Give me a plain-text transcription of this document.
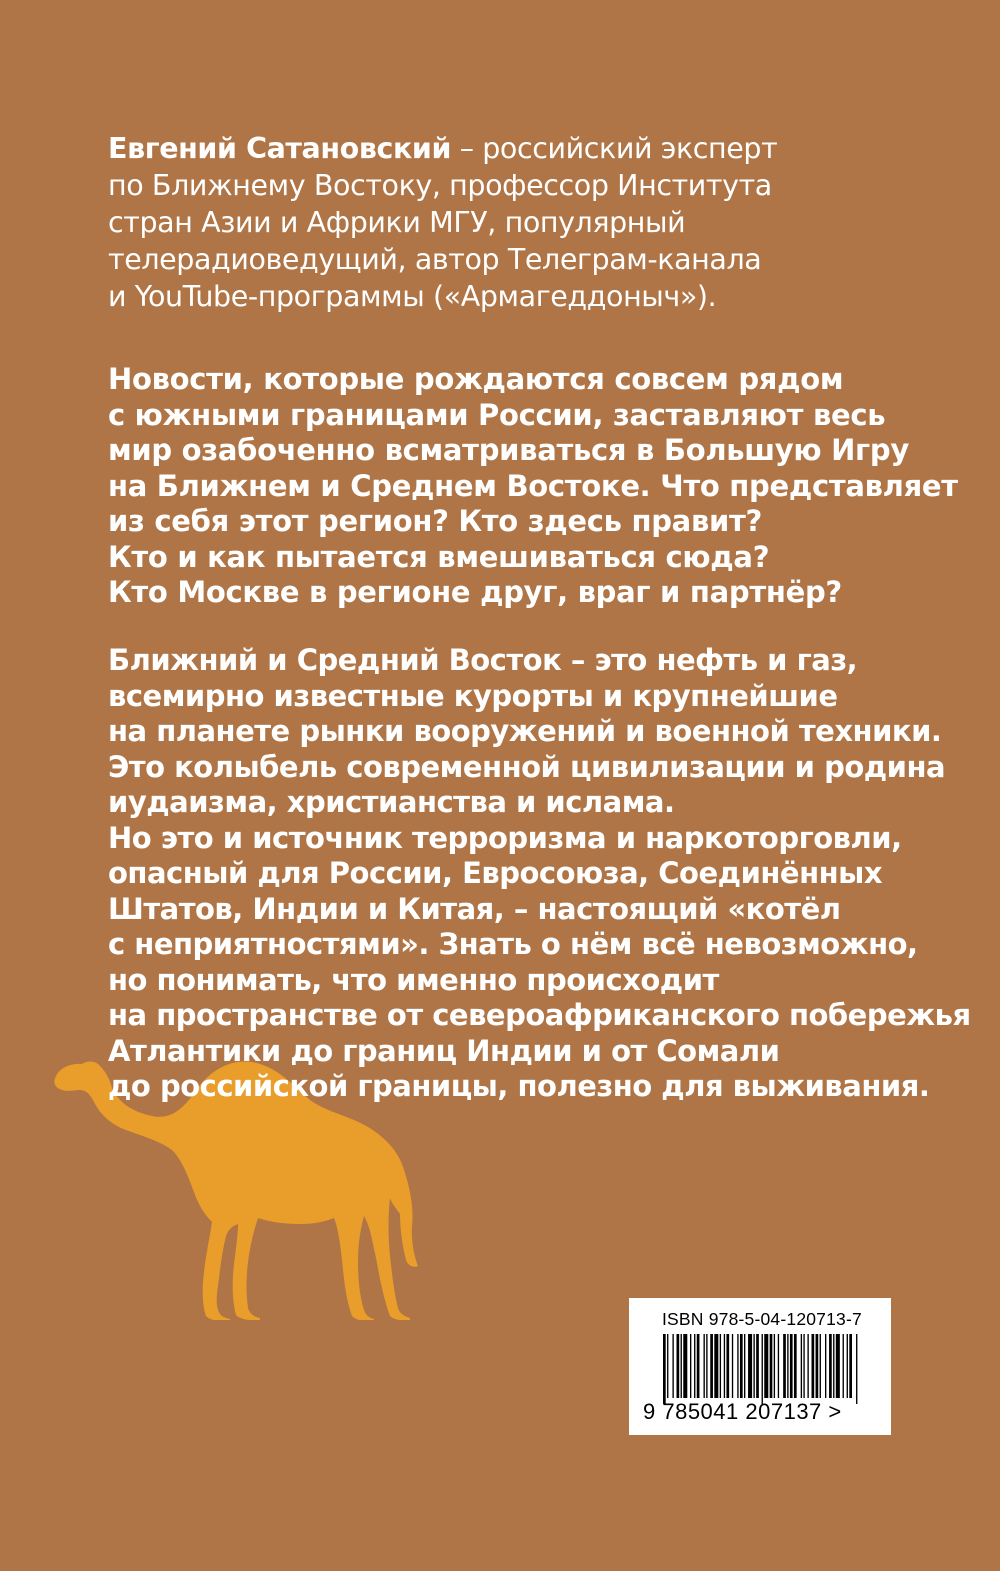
Евгений Сатановский – российский эксперт
по Ближнему Востоку, профессор Института
стран Азии и Африки МГУ, популярный
телерадиоведущий, автор Телеграм-канала
и YouTube-программы («Армагеддоныч»).
Новости, которые рождаются совсем рядом
с южными границами России, заставляют весь
мир озабоченно всматриваться в Большую Игру
на Ближнем и Среднем Востоке. Что представляет
из себя этот регион? Кто здесь правит?
Кто и как пытается вмешиваться сюда?
Кто Москве в регионе друг, враг и партнёр?
ISBN 978-5-04-120713-7
9 785041 207137 >
Ближний и Средний Восток – это нефть и газ,
всемирно известные курорты и крупнейшие
на планете рынки вооружений и военной техники.
Это колыбель современной цивилизации и родина
иудаизма, христианства и ислама.
Но это и источник терроризма и наркоторговли,
опасный для России, Евросоюза, Соединённых
Штатов, Индии и Китая, – настоящий «котёл
с неприятностями». Знать о нём всё невозможно,
но понимать, что именно происходит
на пространстве от североафриканского побережья
Атлантики до границ Индии и от Сомали
до российской границы, полезно для выживания.
